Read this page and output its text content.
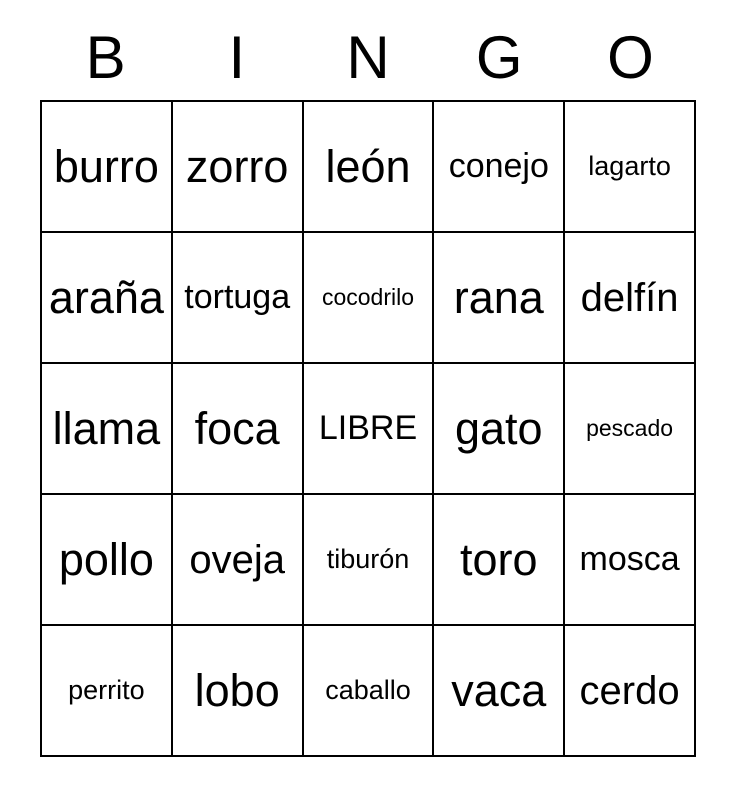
B	I	N	G	O
burro zorro león conejo lagarto
araña tortuga cocodrilo rana delfín
llama foca LIBRE gato pescado
pollo oveja tiburón toro mosca
perrito lobo caballo vaca cerdo
